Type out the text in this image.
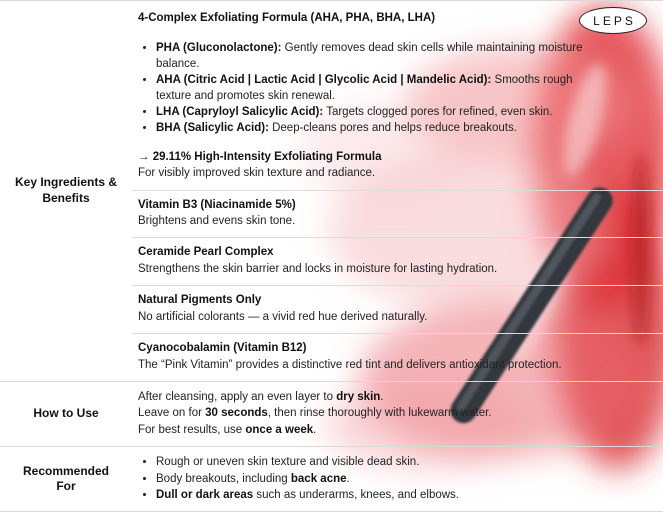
LEPS
Key Ingredients & Benefits
4-Complex Exfoliating Formula (AHA, PHA, BHA, LHA)
• PHA (Gluconolactone): Gently removes dead skin cells while maintaining moisture balance.
• AHA (Citric Acid | Lactic Acid | Glycolic Acid | Mandelic Acid): Smooths rough texture and promotes skin renewal.
• LHA (Capryloyl Salicylic Acid): Targets clogged pores for refined, even skin.
• BHA (Salicylic Acid): Deep-cleans pores and helps reduce breakouts.
→ 29.11% High-Intensity Exfoliating Formula
For visibly improved skin texture and radiance.
Vitamin B3 (Niacinamide 5%)
Brightens and evens skin tone.
Ceramide Pearl Complex
Strengthens the skin barrier and locks in moisture for lasting hydration.
Natural Pigments Only
No artificial colorants — a vivid red hue derived naturally.
Cyanocobalamin (Vitamin B12)
The “Pink Vitamin” provides a distinctive red tint and delivers antioxidant protection.
How to Use
After cleansing, apply an even layer to dry skin.
Leave on for 30 seconds, then rinse thoroughly with lukewarm water.
For best results, use once a week.
Recommended For
• Rough or uneven skin texture and visible dead skin.
• Body breakouts, including back acne.
• Dull or dark areas such as underarms, knees, and elbows.
